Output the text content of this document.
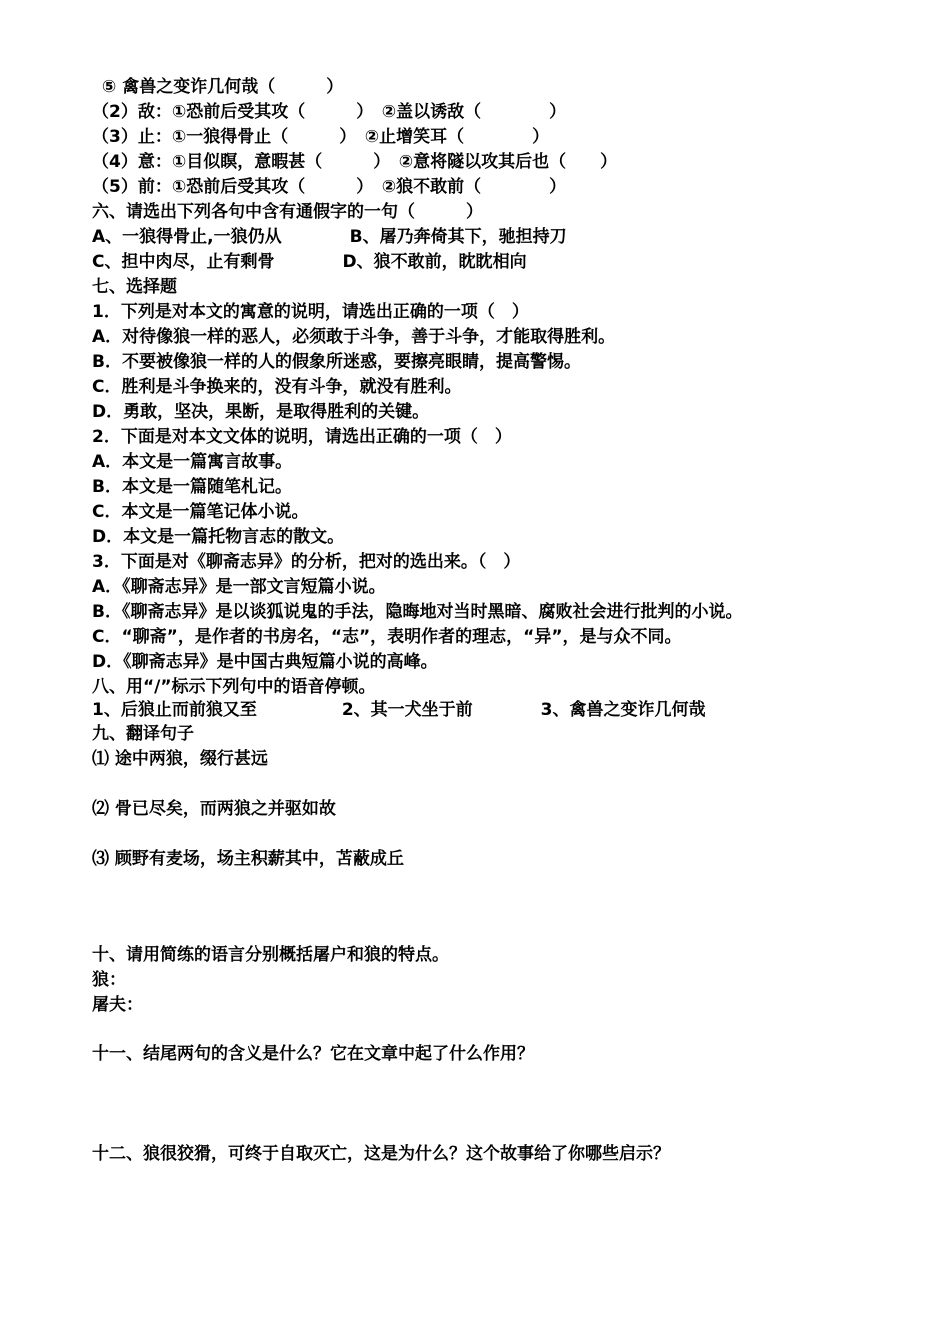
⑤ 禽兽之变诈几何哉（　　　）
（2）敌：①恐前后受其攻（　　　）　②盖以诱敌（　　　　）
（3）止：①一狼得骨止（　　　）　②止增笑耳（　　　　）
（4）意：①目似瞑，意暇甚（　　　）　②意将隧以攻其后也（　　）
（5）前：①恐前后受其攻（　　　）　②狼不敢前（　　　　）
六、请选出下列各句中含有通假字的一句（　　　）
A、一狼得骨止,一狼仍从　　　　B、屠乃奔倚其下，驰担持刀
C、担中肉尽，止有剩骨　　　　D、狼不敢前，眈眈相向
七、选择题
1．下列是对本文的寓意的说明，请选出正确的一项（　）
A．对待像狼一样的恶人，必须敢于斗争，善于斗争，才能取得胜利。
B．不要被像狼一样的人的假象所迷惑，要擦亮眼睛，提高警惕。
C．胜利是斗争换来的，没有斗争，就没有胜利。
D．勇敢，坚决，果断，是取得胜利的关键。
2．下面是对本文文体的说明，请选出正确的一项（　）
A．本文是一篇寓言故事。
B．本文是一篇随笔札记。
C．本文是一篇笔记体小说。
D．本文是一篇托物言志的散文。
3．下面是对《聊斋志异》的分析，把对的选出来。（　）
A．《聊斋志异》是一部文言短篇小说。
B．《聊斋志异》是以谈狐说鬼的手法，隐晦地对当时黑暗、腐败社会进行批判的小说。
C．“聊斋”，是作者的书房名，“志”，表明作者的理志，“异”，是与众不同。
D．《聊斋志异》是中国古典短篇小说的高峰。
八、用“/”标示下列句中的语音停顿。
1、后狼止而前狼又至　　　　　2、其一犬坐于前　　　　3、禽兽之变诈几何哉
九、翻译句子
⑴ 途中两狼，缀行甚远
⑵ 骨已尽矣，而两狼之并驱如故
⑶ 顾野有麦场，场主积薪其中，苫蔽成丘
十、请用简练的语言分别概括屠户和狼的特点。
狼：
屠夫：
十一、结尾两句的含义是什么？它在文章中起了什么作用？
十二、狼很狡猾，可终于自取灭亡，这是为什么？这个故事给了你哪些启示？
